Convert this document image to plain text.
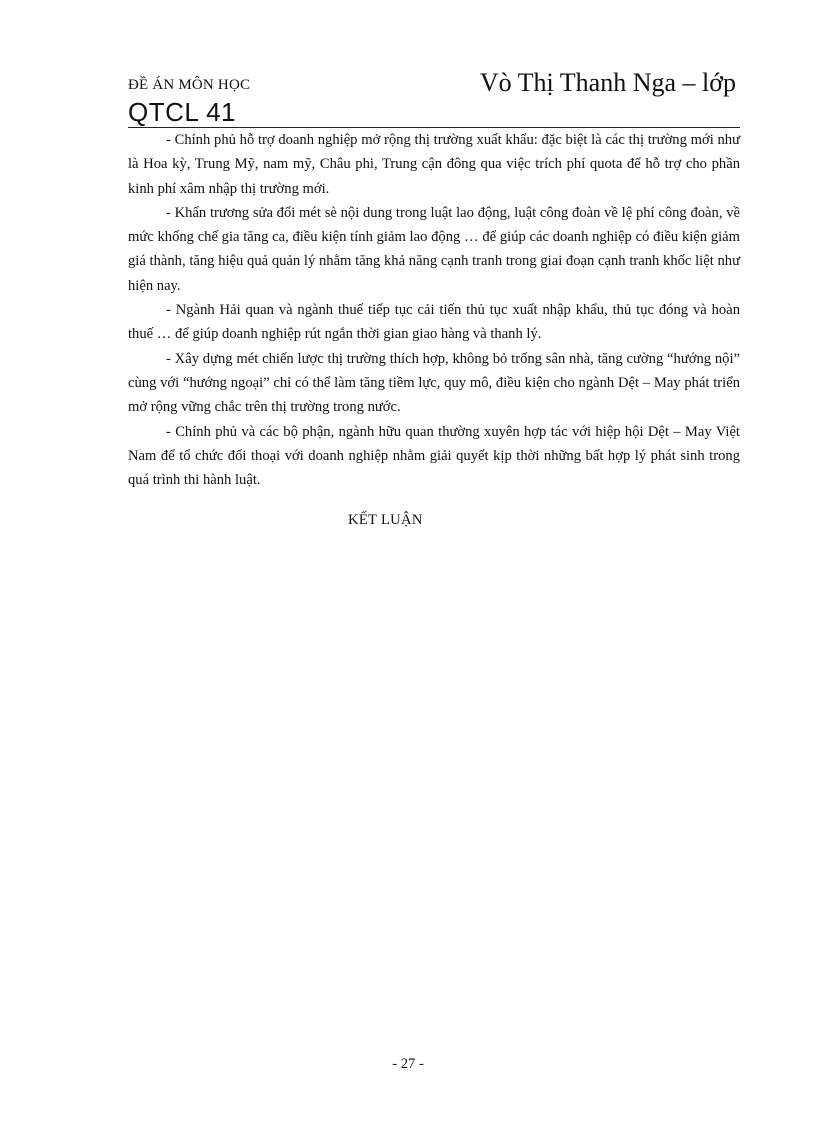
ĐỀ ÁN MÔN HỌC	Vò Thị Thanh Nga – lớp
QTCL 41

- Chính phủ hỗ trợ doanh nghiệp mở rộng thị trường xuất khẩu: đặc biệt là các thị trường mới như là Hoa kỳ, Trung Mỹ, nam mỹ, Châu phi, Trung cận đông qua việc trích phí quota để hỗ trợ cho phần kinh phí xâm nhập thị trường mới.

- Khẩn trương sửa đổi mét sè nội dung trong luật lao động, luật công đoàn về lệ phí công đoàn, về mức khống chế gia tăng ca, điều kiện tính giảm lao động … để giúp các doanh nghiệp có điều kiện giảm giá thành, tăng hiệu quả quản lý nhằm tăng khả năng cạnh tranh trong giai đoạn cạnh tranh khốc liệt như hiện nay.

- Ngành Hải quan và ngành thuế tiếp tục cải tiến thủ tục xuất nhập khẩu, thủ tục đóng và hoàn thuế … để giúp doanh nghiệp rút ngắn thời gian giao hàng và thanh lý.

- Xây dựng mét chiến lược thị trường thích hợp, không bỏ trống sân nhà, tăng cường “hướng nội” cùng với “hướng ngoại” chỉ có thể làm tăng tiềm lực, quy mô, điều kiện cho ngành Dệt – May phát triển mở rộng vững chắc trên thị trường trong nước.

- Chính phủ và các bộ phận, ngành hữu quan thường xuyên hợp tác với hiệp hội Dệt – May Việt Nam để tổ chức đối thoại với doanh nghiệp nhằm giải quyết kịp thời những bất hợp lý phát sinh trong quá trình thi hành luật.

KẾT LUẬN
- 27 -
